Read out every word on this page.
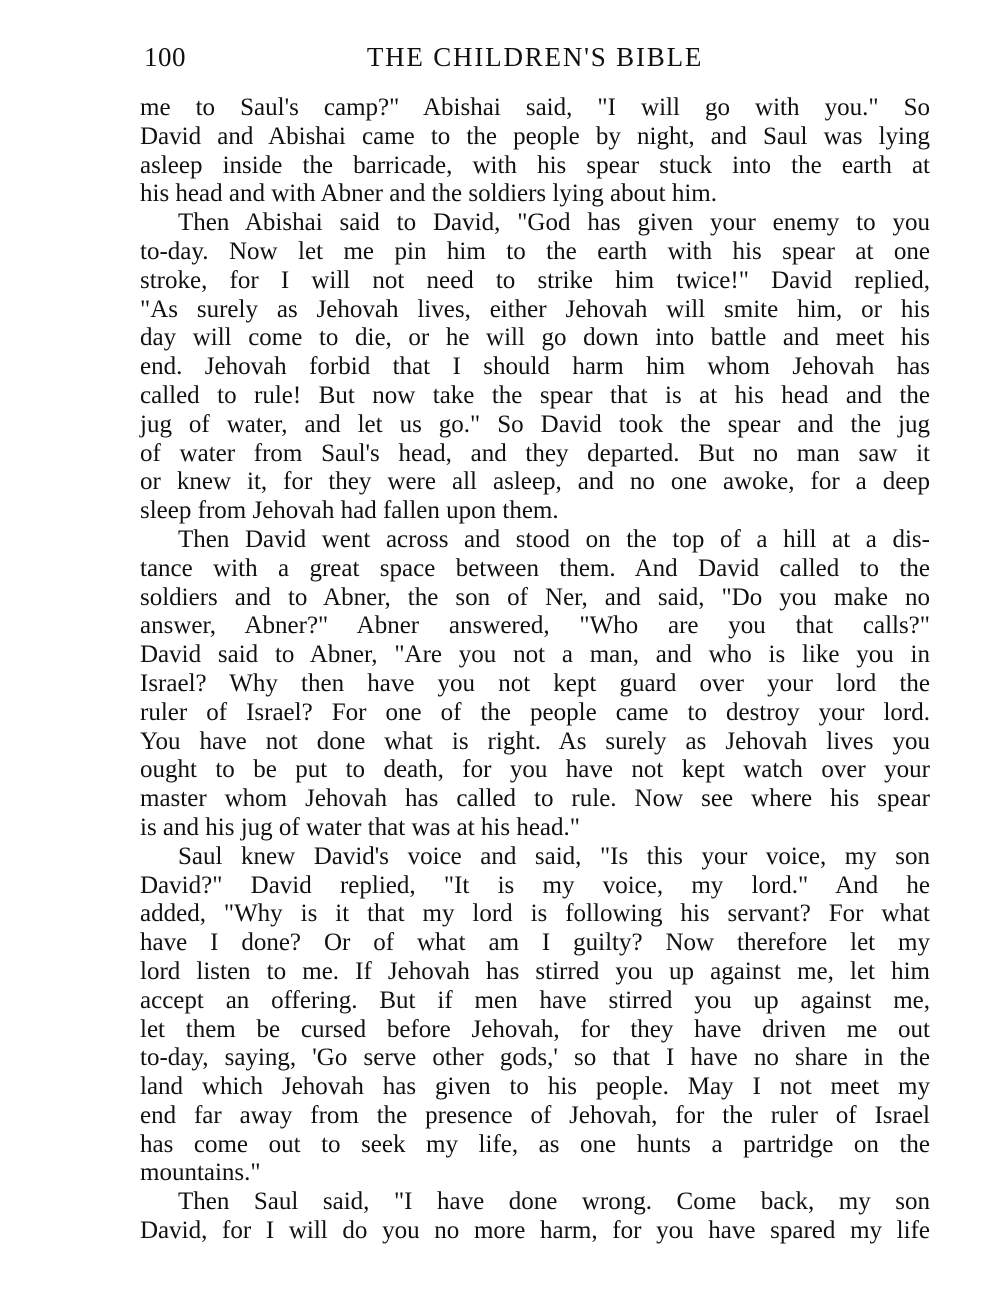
100	THE CHILDREN'S BIBLE
me to Saul's camp?" Abishai said, "I will go with you." So
David and Abishai came to the people by night, and Saul was lying
asleep inside the barricade, with his spear stuck into the earth at
his head and with Abner and the soldiers lying about him.
Then Abishai said to David, "God has given your enemy to you
to-day. Now let me pin him to the earth with his spear at one
stroke, for I will not need to strike him twice!" David replied,
"As surely as Jehovah lives, either Jehovah will smite him, or his
day will come to die, or he will go down into battle and meet his
end. Jehovah forbid that I should harm him whom Jehovah has
called to rule! But now take the spear that is at his head and the
jug of water, and let us go." So David took the spear and the jug
of water from Saul's head, and they departed. But no man saw it
or knew it, for they were all asleep, and no one awoke, for a deep
sleep from Jehovah had fallen upon them.
Then David went across and stood on the top of a hill at a dis-
tance with a great space between them. And David called to the
soldiers and to Abner, the son of Ner, and said, "Do you make no
answer, Abner?" Abner answered, "Who are you that calls?"
David said to Abner, "Are you not a man, and who is like you in
Israel? Why then have you not kept guard over your lord the
ruler of Israel? For one of the people came to destroy your lord.
You have not done what is right. As surely as Jehovah lives you
ought to be put to death, for you have not kept watch over your
master whom Jehovah has called to rule. Now see where his spear
is and his jug of water that was at his head."
Saul knew David's voice and said, "Is this your voice, my son
David?" David replied, "It is my voice, my lord." And he
added, "Why is it that my lord is following his servant? For what
have I done? Or of what am I guilty? Now therefore let my
lord listen to me. If Jehovah has stirred you up against me, let him
accept an offering. But if men have stirred you up against me,
let them be cursed before Jehovah, for they have driven me out
to-day, saying, 'Go serve other gods,' so that I have no share in the
land which Jehovah has given to his people. May I not meet my
end far away from the presence of Jehovah, for the ruler of Israel
has come out to seek my life, as one hunts a partridge on the
mountains."
Then Saul said, "I have done wrong. Come back, my son
David, for I will do you no more harm, for you have spared my life
